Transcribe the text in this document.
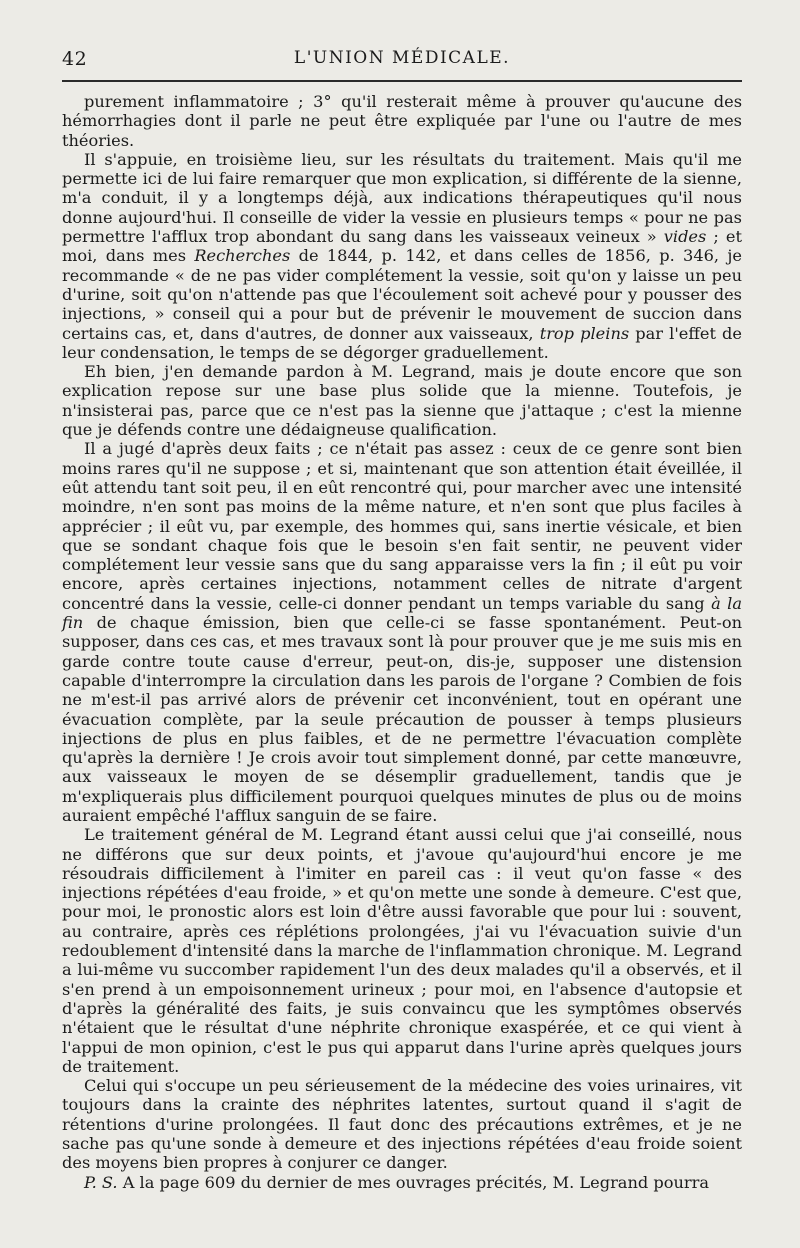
42	L'UNION MÉDICALE.

purement inflammatoire ; 3° qu'il resterait même à prouver qu'aucune des hémorrhagies dont il parle ne peut être expliquée par l'une ou l'autre de mes théories.

Il s'appuie, en troisième lieu, sur les résultats du traitement. Mais qu'il me permette ici de lui faire remarquer que mon explication, si différente de la sienne, m'a conduit, il y a longtemps déjà, aux indications thérapeutiques qu'il nous donne aujourd'hui. Il conseille de vider la vessie en plusieurs temps « pour ne pas permettre l'afflux trop abondant du sang dans les vaisseaux veineux » vides ; et moi, dans mes Recherches de 1844, p. 142, et dans celles de 1856, p. 346, je recommande « de ne pas vider complétement la vessie, soit qu'on y laisse un peu d'urine, soit qu'on n'attende pas que l'écoulement soit achevé pour y pousser des injections, » conseil qui a pour but de prévenir le mouvement de succion dans certains cas, et, dans d'autres, de donner aux vaisseaux, trop pleins par l'effet de leur condensation, le temps de se dégorger graduellement.

Eh bien, j'en demande pardon à M. Legrand, mais je doute encore que son explication repose sur une base plus solide que la mienne. Toutefois, je n'insisterai pas, parce que ce n'est pas la sienne que j'attaque ; c'est la mienne que je défends contre une dédaigneuse qualification.

Il a jugé d'après deux faits ; ce n'était pas assez : ceux de ce genre sont bien moins rares qu'il ne suppose ; et si, maintenant que son attention était éveillée, il eût attendu tant soit peu, il en eût rencontré qui, pour marcher avec une intensité moindre, n'en sont pas moins de la même nature, et n'en sont que plus faciles à apprécier ; il eût vu, par exemple, des hommes qui, sans inertie vésicale, et bien que se sondant chaque fois que le besoin s'en fait sentir, ne peuvent vider complétement leur vessie sans que du sang apparaisse vers la fin ; il eût pu voir encore, après certaines injections, notamment celles de nitrate d'argent concentré dans la vessie, celle-ci donner pendant un temps variable du sang à la fin de chaque émission, bien que celle-ci se fasse spontanément. Peut-on supposer, dans ces cas, et mes travaux sont là pour prouver que je me suis mis en garde contre toute cause d'erreur, peut-on, dis-je, supposer une distension capable d'interrompre la circulation dans les parois de l'organe ? Combien de fois ne m'est-il pas arrivé alors de prévenir cet inconvénient, tout en opérant une évacuation complète, par la seule précaution de pousser à temps plusieurs injections de plus en plus faibles, et de ne permettre l'évacuation complète qu'après la dernière ! Je crois avoir tout simplement donné, par cette manœuvre, aux vaisseaux le moyen de se désemplir graduellement, tandis que je m'expliquerais plus difficilement pourquoi quelques minutes de plus ou de moins auraient empêché l'afflux sanguin de se faire.

Le traitement général de M. Legrand étant aussi celui que j'ai conseillé, nous ne différons que sur deux points, et j'avoue qu'aujourd'hui encore je me résoudrais difficilement à l'imiter en pareil cas : il veut qu'on fasse « des injections répétées d'eau froide, » et qu'on mette une sonde à demeure. C'est que, pour moi, le pronostic alors est loin d'être aussi favorable que pour lui : souvent, au contraire, après ces réplétions prolongées, j'ai vu l'évacuation suivie d'un redoublement d'intensité dans la marche de l'inflammation chronique. M. Legrand a lui-même vu succomber rapidement l'un des deux malades qu'il a observés, et il s'en prend à un empoisonnement urineux ; pour moi, en l'absence d'autopsie et d'après la généralité des faits, je suis convaincu que les symptômes observés n'étaient que le résultat d'une néphrite chronique exaspérée, et ce qui vient à l'appui de mon opinion, c'est le pus qui apparut dans l'urine après quelques jours de traitement.

Celui qui s'occupe un peu sérieusement de la médecine des voies urinaires, vit toujours dans la crainte des néphrites latentes, surtout quand il s'agit de rétentions d'urine prolongées. Il faut donc des précautions extrêmes, et je ne sache pas qu'une sonde à demeure et des injections répétées d'eau froide soient des moyens bien propres à conjurer ce danger.

P. S. A la page 609 du dernier de mes ouvrages précités, M. Legrand pourra
